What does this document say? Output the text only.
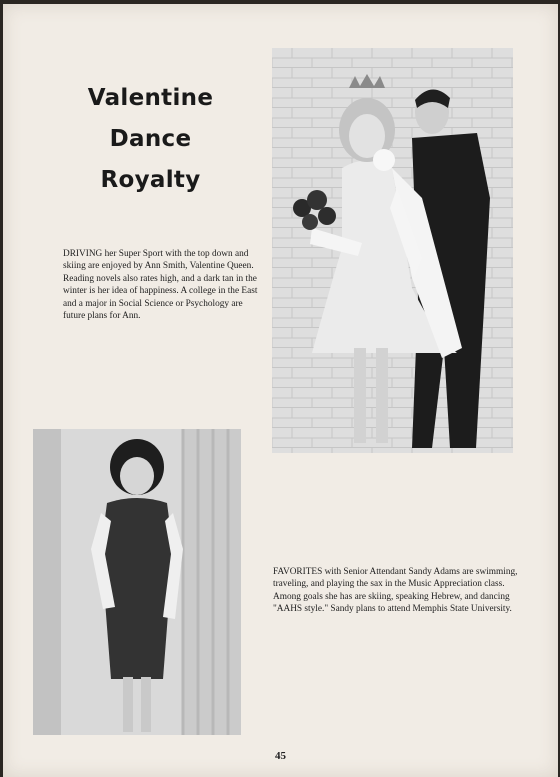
Valentine Dance
Royalty
DRIVING her Super Sport with the top down and skiing are enjoyed by Ann Smith, Valentine Queen. Reading novels also rates high, and a dark tan in the winter is her idea of happiness. A college in the East and a major in Social Science or Psychology are future plans for Ann.
FAVORITES with Senior Attendant Sandy Adams are swimming, traveling, and playing the sax in the Music Appreciation class. Among goals she has are skiing, speaking Hebrew, and dancing "AAHS style." Sandy plans to attend Memphis State University.
45
